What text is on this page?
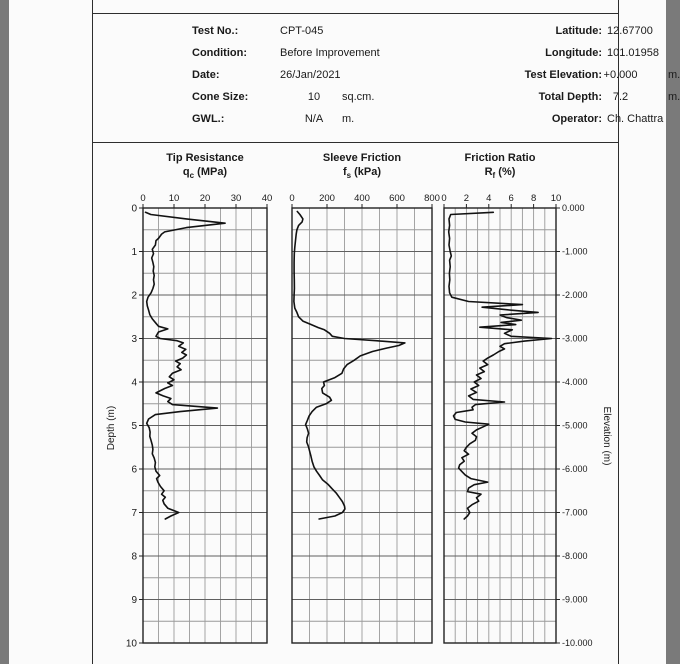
Test No.:	CPT-045
Condition:	Before Improvement
Date:	26/Jan/2021
Cone Size:	10	sq.cm.
GWL.:	N/A	m.
Latitude: 12.67700
Longitude: 101.01958
Test Elevation: +0.000	m.
Total Depth: 7.2	m.
Operator: Ch. Chattra
Tip Resistance
$q_c$ (MPa)
Sleeve Friction
$f_s$ (kPa)
Friction Ratio
$R_f$ (%)
0 10 20 30 40 0	200 400 600 800 0 2 4 6 8 10
0
1
2
3
4
5
6
7
8
9
10
Depth (m)
0.000
-1.000
-2.000
-3.000
-4.000
-5.000
-6.000
-7.000
-8.000
-9.000
-10.000
Elevation (m)
